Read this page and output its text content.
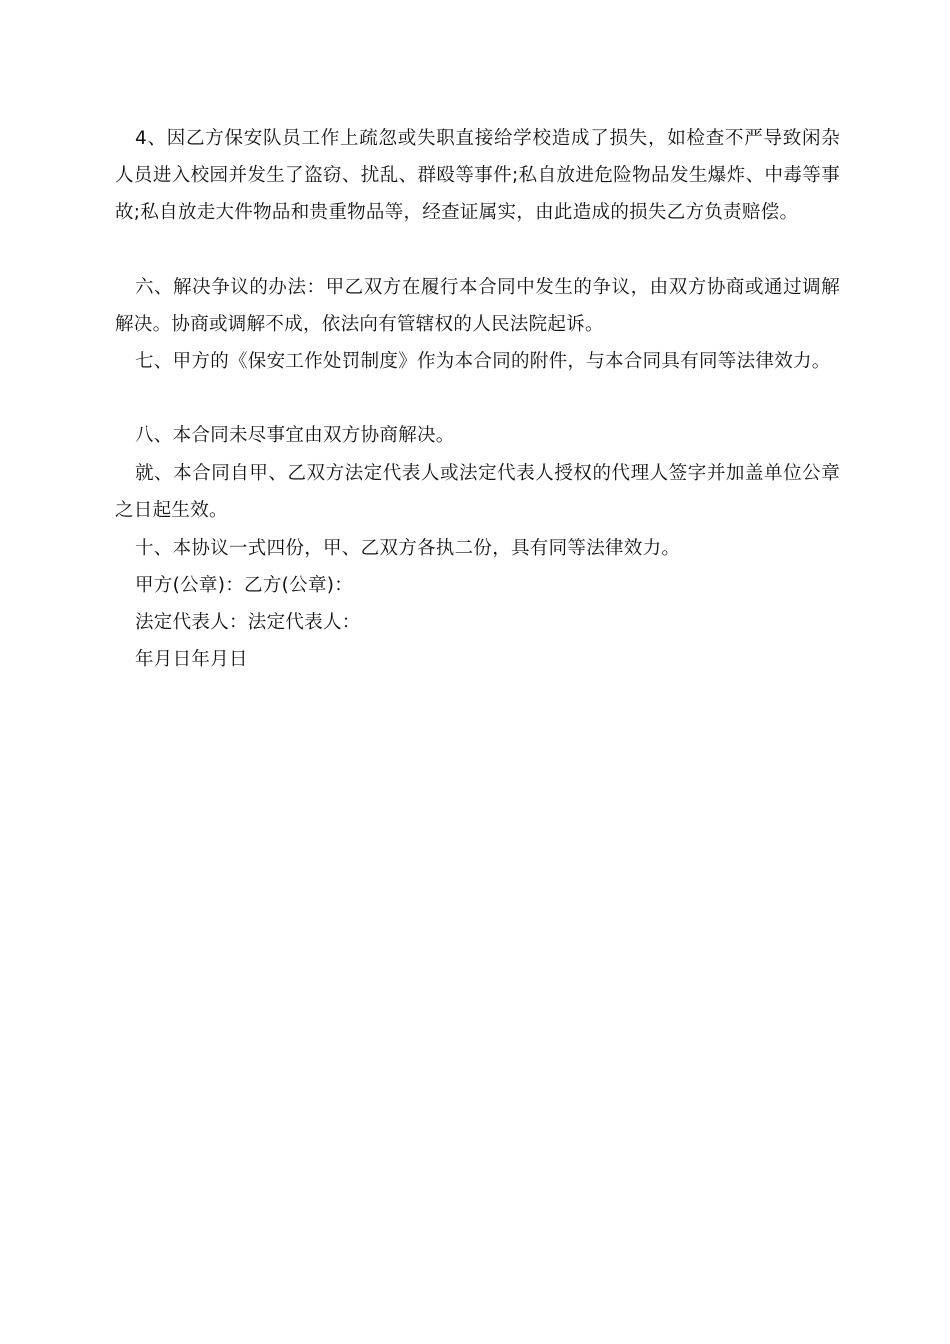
4、因乙方保安队员工作上疏忽或失职直接给学校造成了损失，如检查不严导致闲杂人员进入校园并发生了盗窃、扰乱、群殴等事件;私自放进危险物品发生爆炸、中毒等事故;私自放走大件物品和贵重物品等，经查证属实，由此造成的损失乙方负责赔偿。

六、解决争议的办法：甲乙双方在履行本合同中发生的争议，由双方协商或通过调解解决。协商或调解不成，依法向有管辖权的人民法院起诉。

七、甲方的《保安工作处罚制度》作为本合同的附件，与本合同具有同等法律效力。

八、本合同未尽事宜由双方协商解决。

就、本合同自甲、乙双方法定代表人或法定代表人授权的代理人签字并加盖单位公章之日起生效。

十、本协议一式四份，甲、乙双方各执二份，具有同等法律效力。

甲方(公章)：乙方(公章)：

法定代表人：法定代表人：

年月日年月日
